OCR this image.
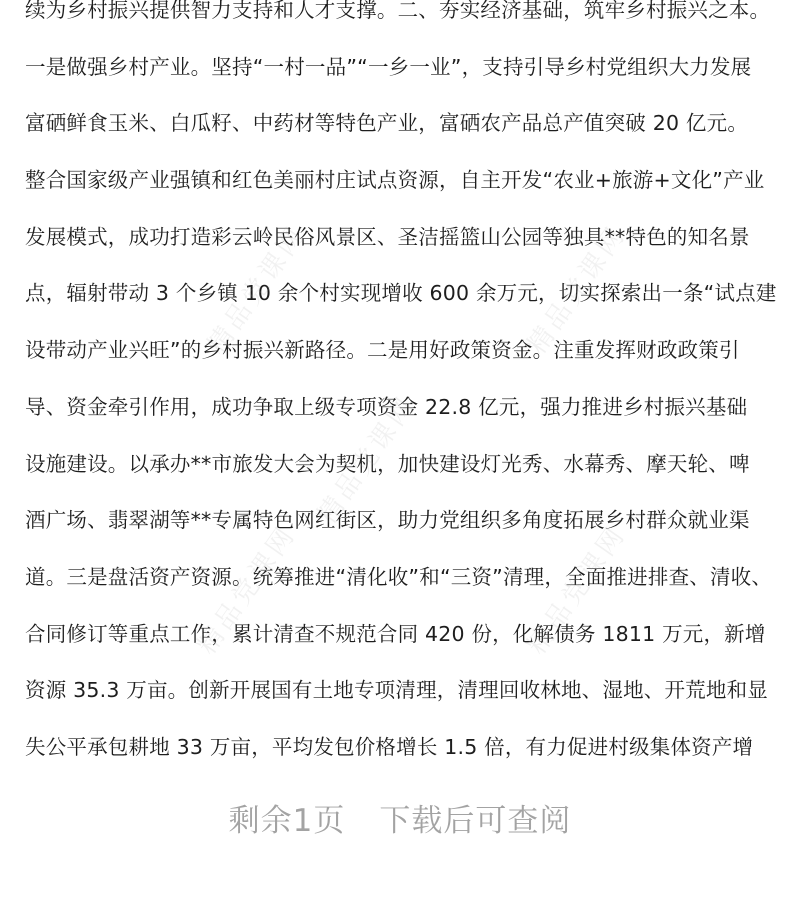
续为乡村振兴提供智力支持和人才支撑。二、夯实经济基础，筑牢乡村振兴之本。
一是做强乡村产业。坚持“一村一品”“一乡一业”，支持引导乡村党组织大力发展
富硒鲜食玉米、白瓜籽、中药材等特色产业，富硒农产品总产值突破 20 亿元。
整合国家级产业强镇和红色美丽村庄试点资源，自主开发“农业+旅游+文化”产业
发展模式，成功打造彩云岭民俗风景区、圣洁摇篮山公园等独具**特色的知名景
点，辐射带动 3 个乡镇 10 余个村实现增收 600 余万元，切实探索出一条“试点建
设带动产业兴旺”的乡村振兴新路径。二是用好政策资金。注重发挥财政政策引
导、资金牵引作用，成功争取上级专项资金 22.8 亿元，强力推进乡村振兴基础
设施建设。以承办**市旅发大会为契机，加快建设灯光秀、水幕秀、摩天轮、啤
酒广场、翡翠湖等**专属特色网红街区，助力党组织多角度拓展乡村群众就业渠
道。三是盘活资产资源。统筹推进“清化收”和“三资”清理，全面推进排查、清收、
合同修订等重点工作，累计清查不规范合同 420 份，化解债务 1811 万元，新增
资源 35.3 万亩。创新开展国有土地专项清理，清理回收林地、湿地、开荒地和显
失公平承包耕地 33 万亩，平均发包价格增长 1.5 倍，有力促进村级集体资产增
精品党课网	精品党课网
精品党课网
精品党课网	精品党课网
剩余1页 下载后可查阅
